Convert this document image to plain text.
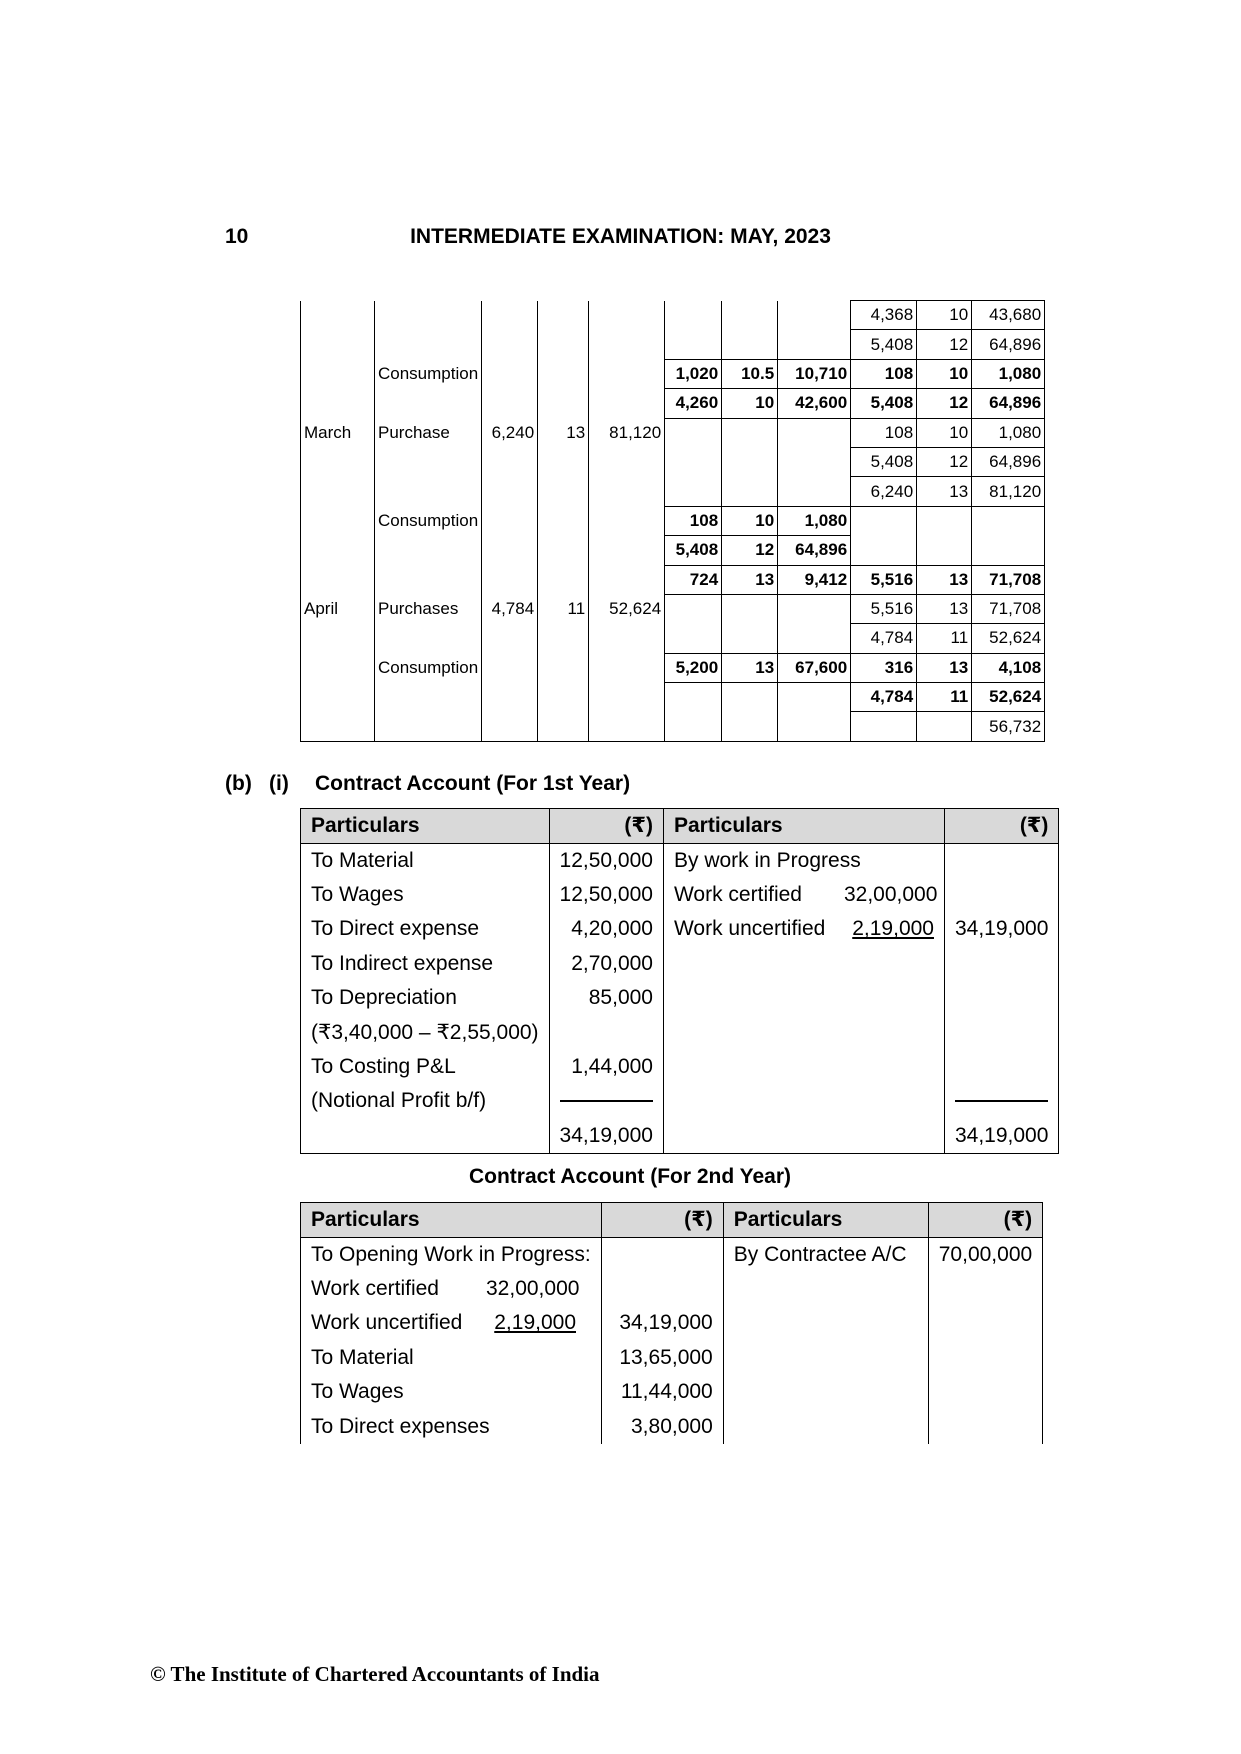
10	INTERMEDIATE EXAMINATION: MAY, 2023
								4,368	10	43,680
								5,408	12	64,896
	Consumption				1,020	10.5	10,710	108	10	1,080
					4,260	10	42,600	5,408	12	64,896
March	Purchase	6,240	13	81,120				108	10	1,080
								5,408	12	64,896
								6,240	13	81,120
	Consumption				108	10	1,080			
					5,408	12	64,896			
					724	13	9,412	5,516	13	71,708
April	Purchases	4,784	11	52,624				5,516	13	71,708
								4,784	11	52,624
	Consumption				5,200	13	67,600	316	13	4,108
								4,784	11	52,624
										56,732
(b) (i) Contract Account (For 1st Year)
Particulars	(₹)	Particulars	(₹)
To Material	12,50,000	By work in Progress	
To Wages	12,50,000	Work certified 32,00,000	
To Direct expense	4,20,000	Work uncertified 2,19,000	34,19,000
To Indirect expense	2,70,000		
To Depreciation	85,000		
(₹3,40,000 – ₹2,55,000)			
To Costing P&L	1,44,000		
(Notional Profit b/f)	

	34,19,000		34,19,000
Contract Account (For 2nd Year)
Particulars	(₹)	Particulars	(₹)
To Opening Work in Progress:		By Contractee A/C	70,00,000
Work certified 32,00,000			
Work uncertified 2,19,000	34,19,000		
To Material	13,65,000		
To Wages	11,44,000		
To Direct expenses	3,80,000		
© The Institute of Chartered Accountants of India
